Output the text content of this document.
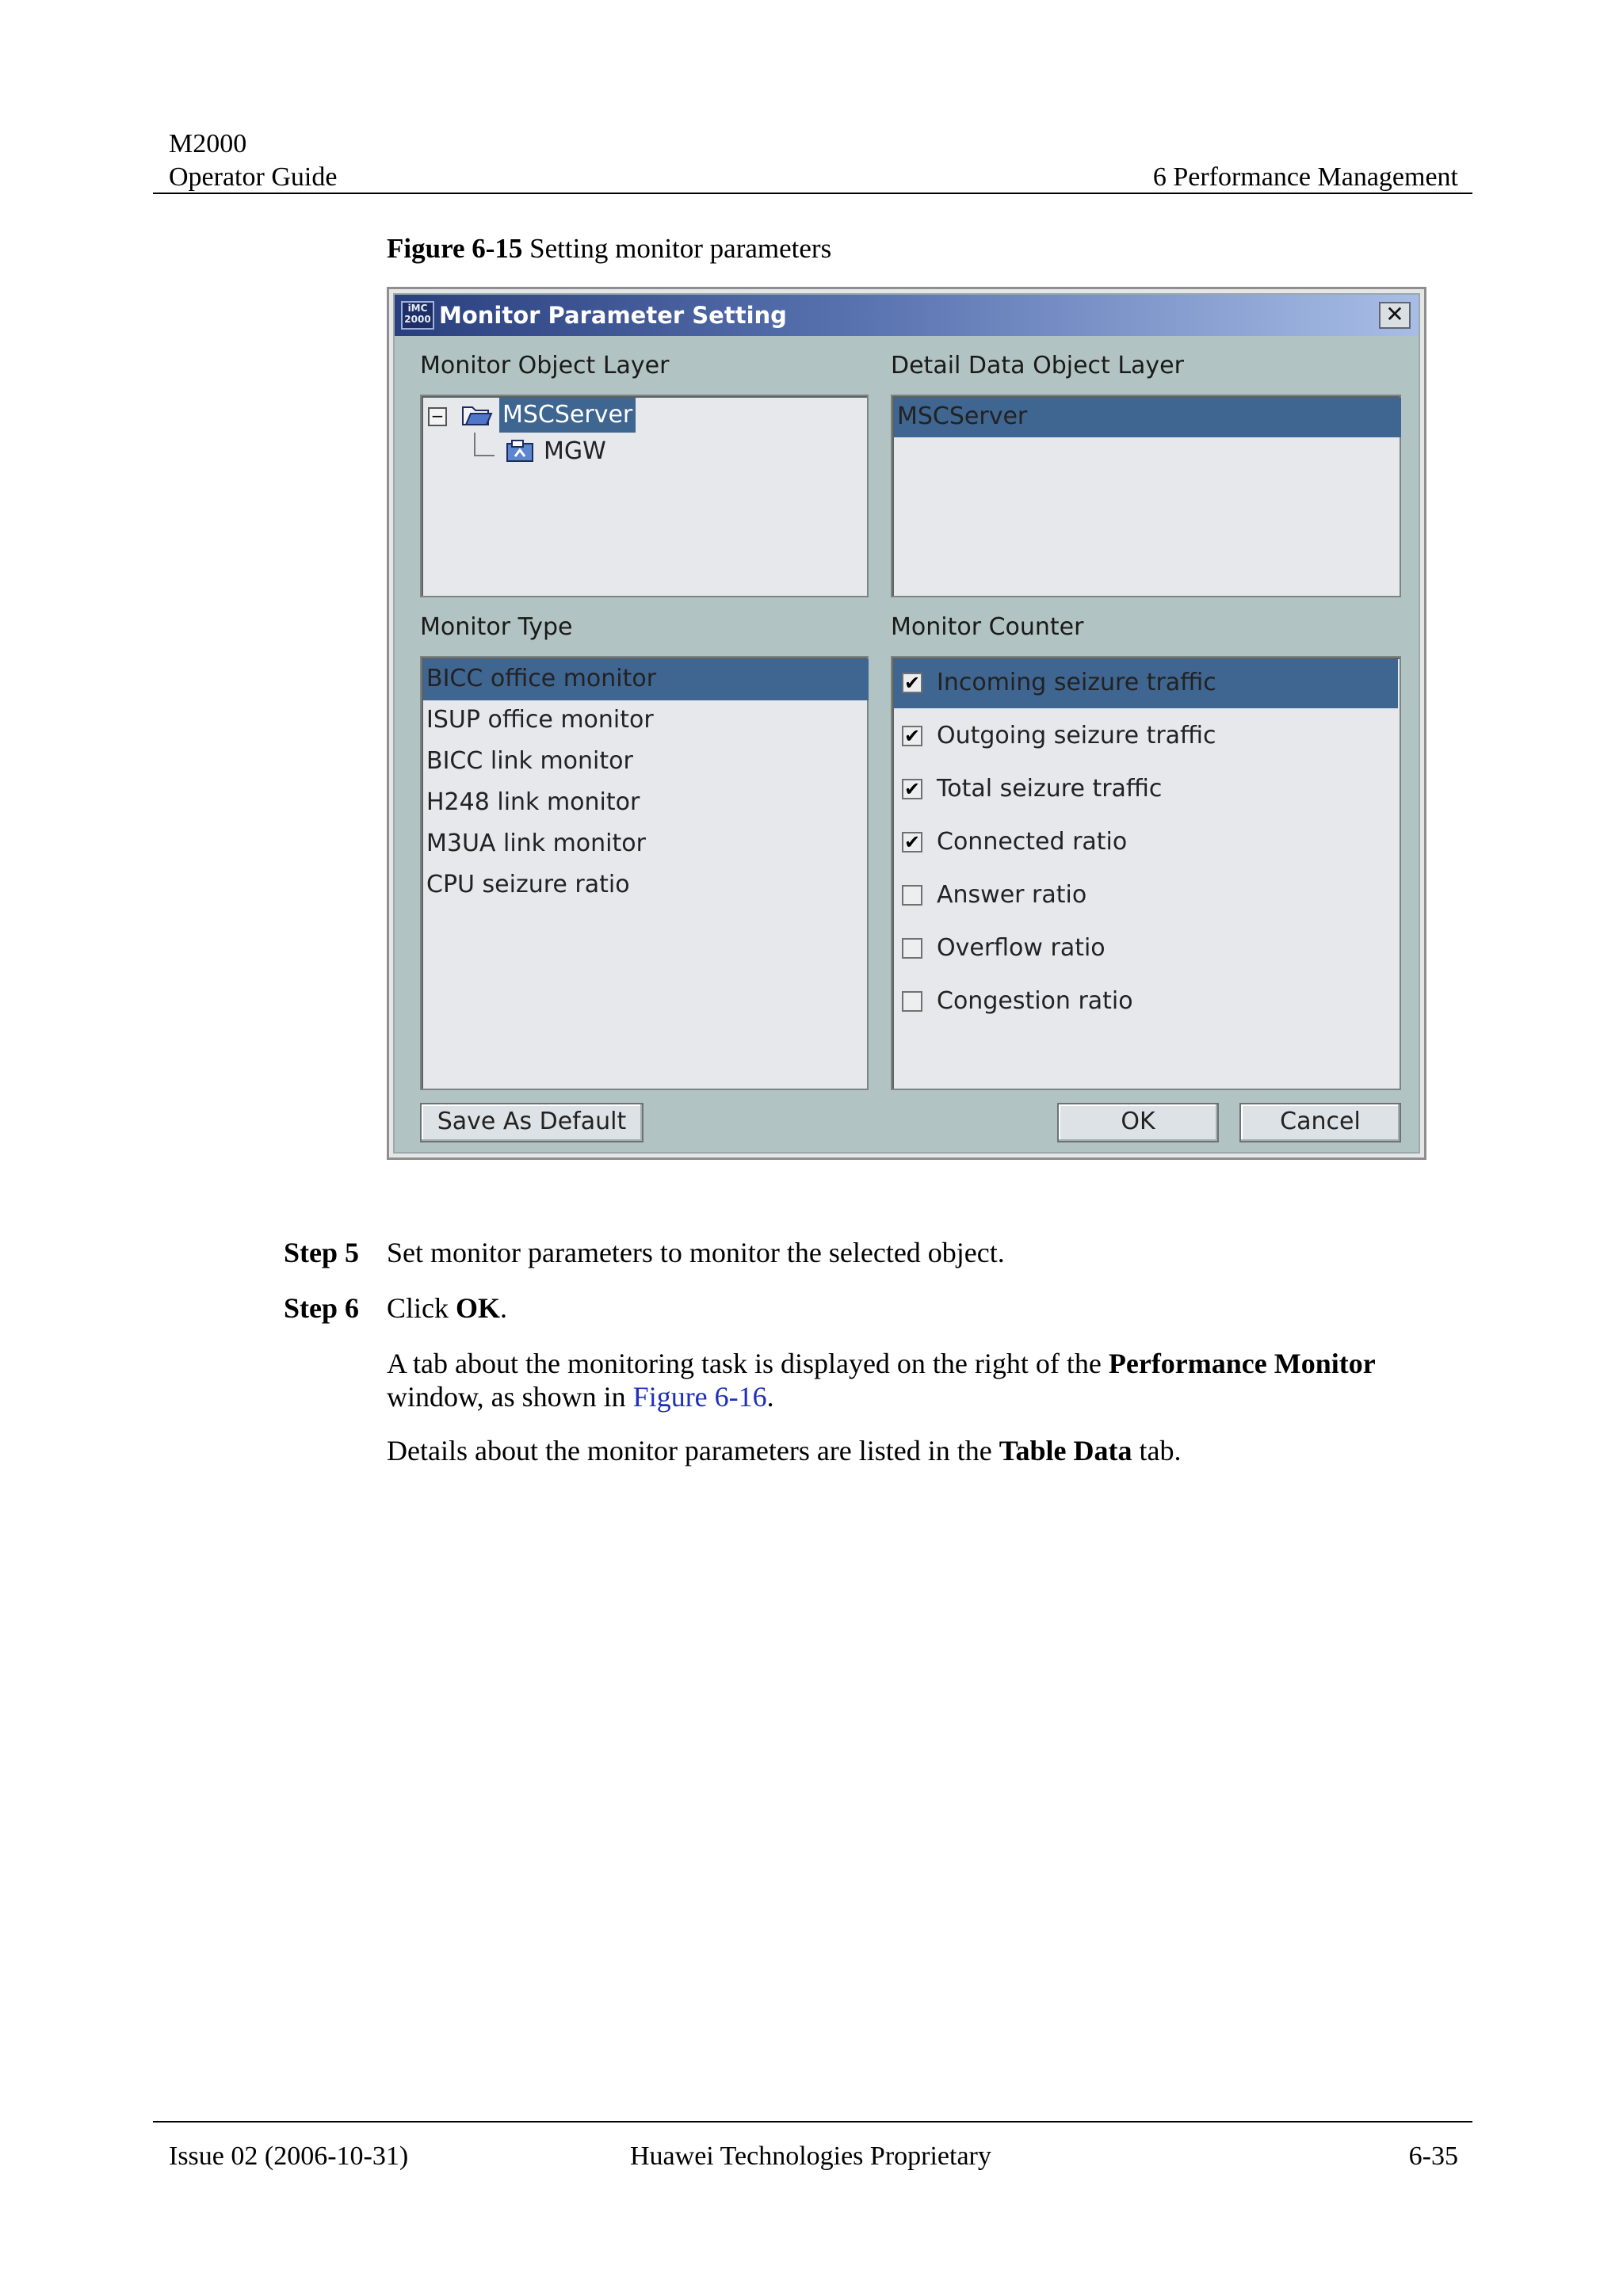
M2000
Operator Guide	6 Performance Management
Figure 6-15 Setting monitor parameters
iMC
2000 Monitor Parameter Setting	✕
Monitor Object Layer
− MSCServer
MGW
Detail Data Object Layer
MSCServer
Monitor Type
BICC office monitor
ISUP office monitor
BICC link monitor
H248 link monitor
M3UA link monitor
CPU seizure ratio
Monitor Counter
✔ Incoming seizure traffic
✔ Outgoing seizure traffic
✔ Total seizure traffic
✔ Connected ratio
Answer ratio
Overflow ratio
Congestion ratio
Save As Default	OK	Cancel
Step 5 Set monitor parameters to monitor the selected object.
Step 6 Click OK.
A tab about the monitoring task is displayed on the right of the Performance Monitor
window, as shown in Figure 6-16.
Details about the monitor parameters are listed in the Table Data tab.
Issue 02 (2006-10-31)	Huawei Technologies Proprietary	6-35
